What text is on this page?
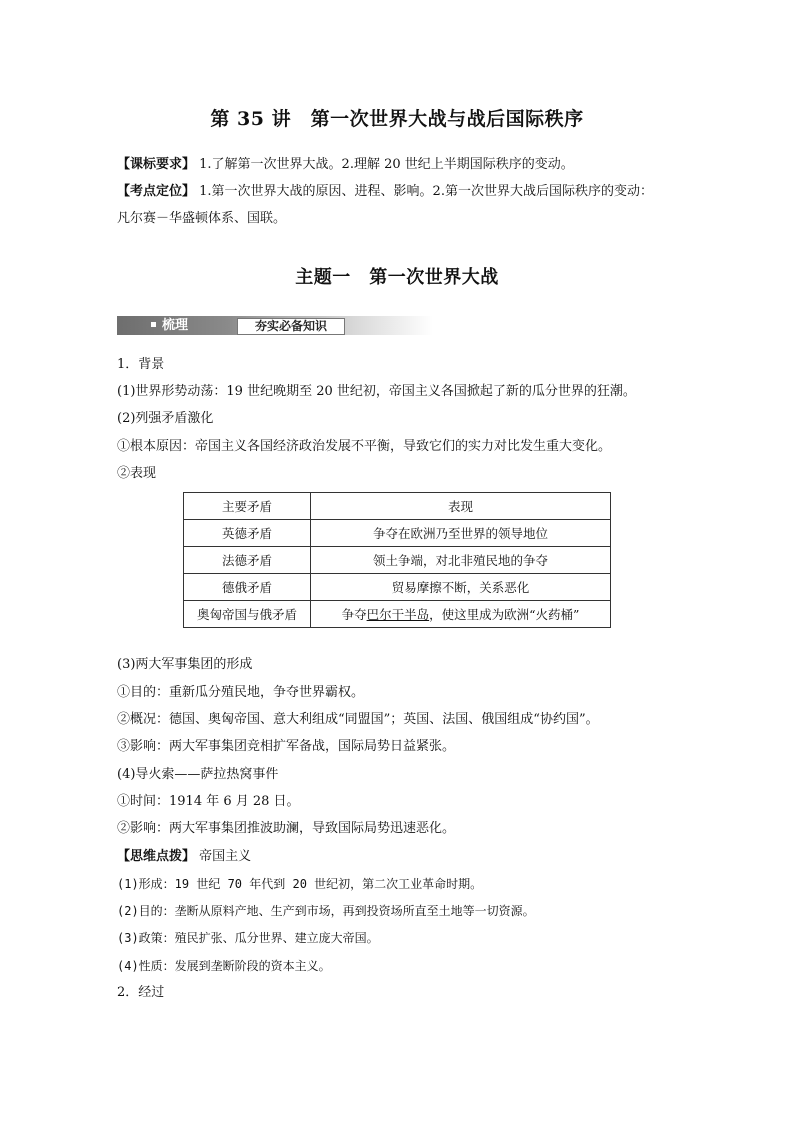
第 35 讲　第一次世界大战与战后国际秩序
【课标要求】 1.了解第一次世界大战。2.理解 20 世纪上半期国际秩序的变动。
【考点定位】 1.第一次世界大战的原因、进程、影响。2.第一次世界大战后国际秩序的变动：
凡尔赛－华盛顿体系、国联。
主题一　第一次世界大战
梳理	夯实必备知识
1．背景
(1)世界形势动荡：19 世纪晚期至 20 世纪初，帝国主义各国掀起了新的瓜分世界的狂潮。
(2)列强矛盾激化
①根本原因：帝国主义各国经济政治发展不平衡，导致它们的实力对比发生重大变化。
②表现
主要矛盾	表现
英德矛盾	争夺在欧洲乃至世界的领导地位
法德矛盾	领土争端，对北非殖民地的争夺
德俄矛盾	贸易摩擦不断，关系恶化
奥匈帝国与俄矛盾	争夺巴尔干半岛，使这里成为欧洲“火药桶”
(3)两大军事集团的形成
①目的：重新瓜分殖民地，争夺世界霸权。
②概况：德国、奥匈帝国、意大利组成“同盟国”；英国、法国、俄国组成“协约国”。
③影响：两大军事集团竞相扩军备战，国际局势日益紧张。
(4)导火索——萨拉热窝事件
①时间：1914 年 6 月 28 日。
②影响：两大军事集团推波助澜，导致国际局势迅速恶化。
【思维点拨】 帝国主义
(1)形成：19 世纪 70 年代到 20 世纪初，第二次工业革命时期。
(2)目的：垄断从原料产地、生产到市场，再到投资场所直至土地等一切资源。
(3)政策：殖民扩张、瓜分世界、建立庞大帝国。
(4)性质：发展到垄断阶段的资本主义。
2．经过
